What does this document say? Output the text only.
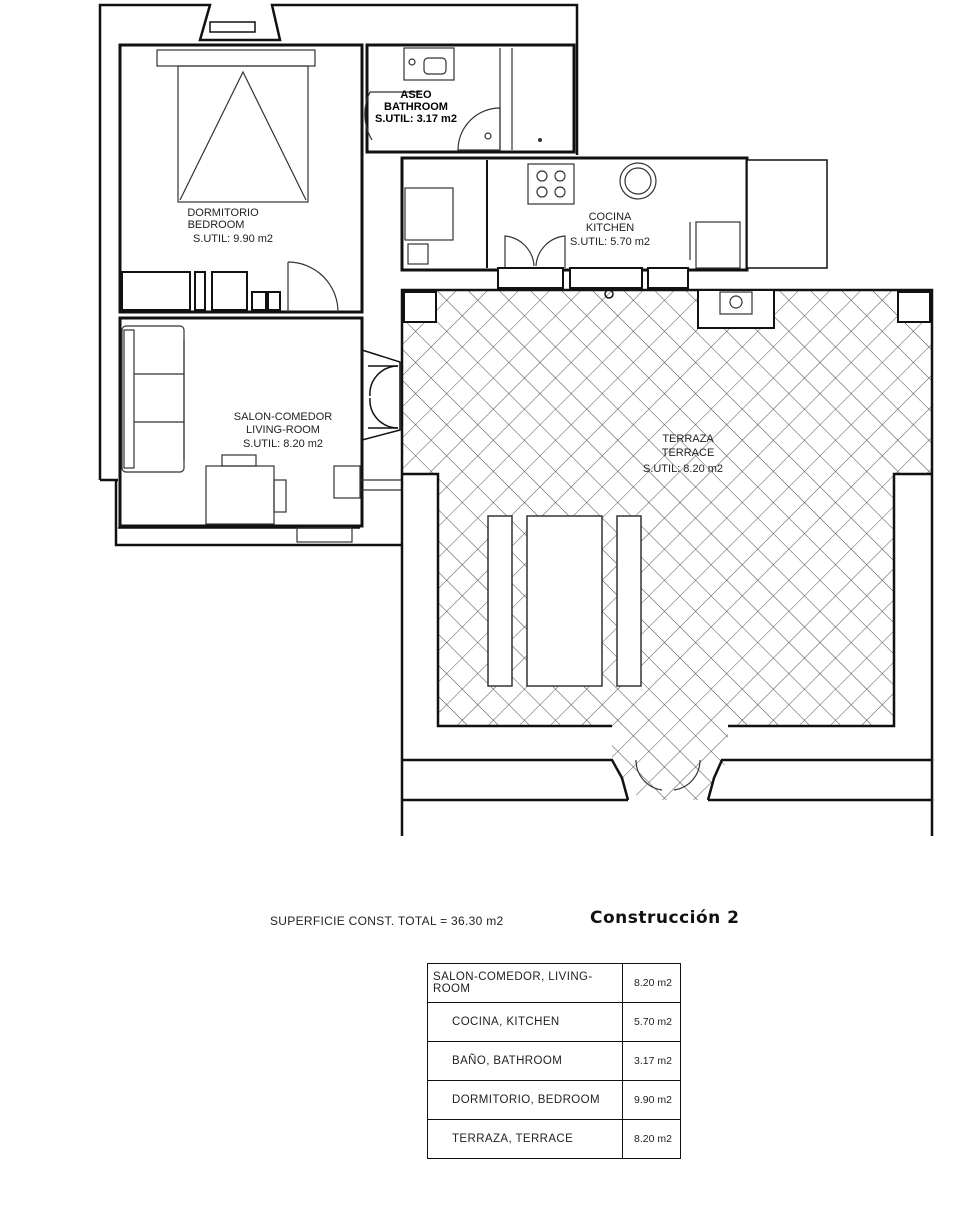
ASEO
BATHROOM
S.UTIL: 3.17 m2
COCINA
KITCHEN
S.UTIL: 5.70 m2
SALON-COMEDOR
LIVING-ROOM
S.UTIL: 8.20 m2
DORMITORIO
BEDROOM
S.UTIL: 9.90 m2
TERRAZA
TERRACE
S.UTIL: 8.20 m2
SUPERFICIE CONST. TOTAL = 36.30 m2	Construcción 2
SALON-COMEDOR, LIVING-ROOM	8.20 m2
COCINA, KITCHEN	5.70 m2
BAÑO, BATHROOM	3.17 m2
DORMITORIO, BEDROOM	9.90 m2
TERRAZA, TERRACE	8.20 m2
